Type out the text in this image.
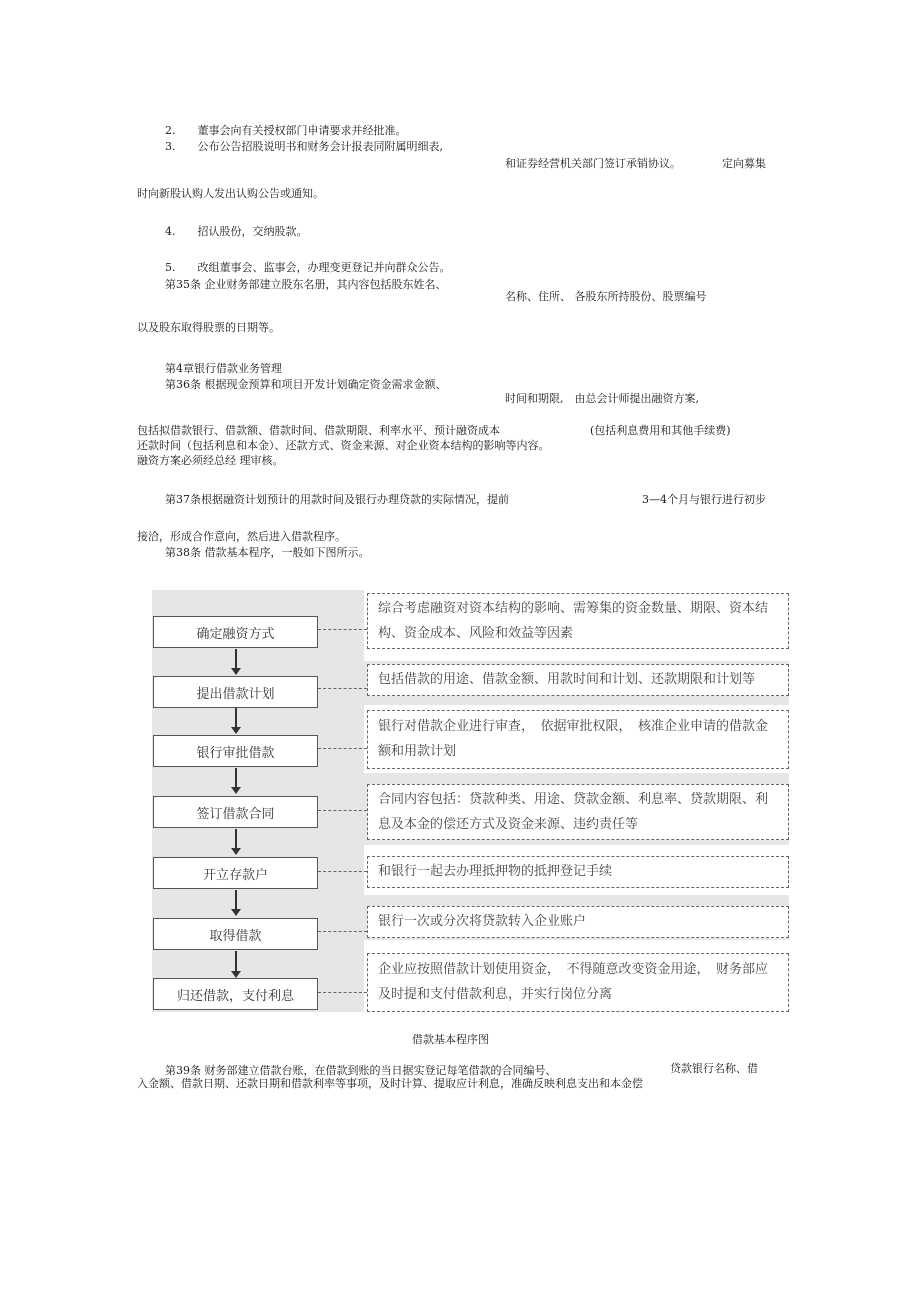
2.　　董事会向有关授权部门申请要求并经批准。
3.　　公布公告招股说明书和财务会计报表同附属明细表,
和证券经营机关部门签订承销协议。	定向募集
时向新股认购人发出认购公告或通知。
4.　　招认股份，交纳股款。
5.　　改组董事会、监事会，办理变更登记并向群众公告。
第35条 企业财务部建立股东名册，其内容包括股东姓名、
名称、住所、 各股东所持股份、股票编号
以及股东取得股票的日期等。
第4章银行借款业务管理
第36条 根据现金预算和项目开发计划确定资金需求金额、
时间和期限,　由总会计师提出融资方案,
包括拟借款银行、借款额、借款时间、借款期限、利率水平、预计融资成本	(包括利息费用和其他手续费)
还款时间（包括利息和本金）、还款方式、资金来源、对企业资本结构的影响等内容。
融资方案必须经总经 理审核。
第37条根据融资计划预计的用款时间及银行办理贷款的实际情况，提前	3—4个月与银行进行初步
接洽，形成合作意向，然后进入借款程序。
第38条 借款基本程序，一般如下图所示。
确定融资方式
提出借款计划
银行审批借款
签订借款合同
开立存款户
取得借款
归还借款，支付利息
综合考虑融资对资本结构的影响、需筹集的资金数量、期限、资本结构、资金成本、风险和效益等因素
包括借款的用途、借款金额、用款时间和计划、还款期限和计划等
银行对借款企业进行审查，　依据审批权限，　核准企业申请的借款金额和用款计划
合同内容包括：贷款种类、用途、贷款金额、利息率、贷款期限、利息及本金的偿还方式及资金来源、违约责任等
和银行一起去办理抵押物的抵押登记手续
银行一次或分次将贷款转入企业账户
企业应按照借款计划使用资金，　不得随意改变资金用途，　财务部应及时提和支付借款利息，并实行岗位分离
借款基本程序图
第39条 财务部建立借款台账，在借款到账的当日据实登记每笔借款的合同编号、	贷款银行名称、借
入金额、借款日期、还款日期和借款利率等事项，及时计算、提取应计利息，准确反映利息支出和本金偿
